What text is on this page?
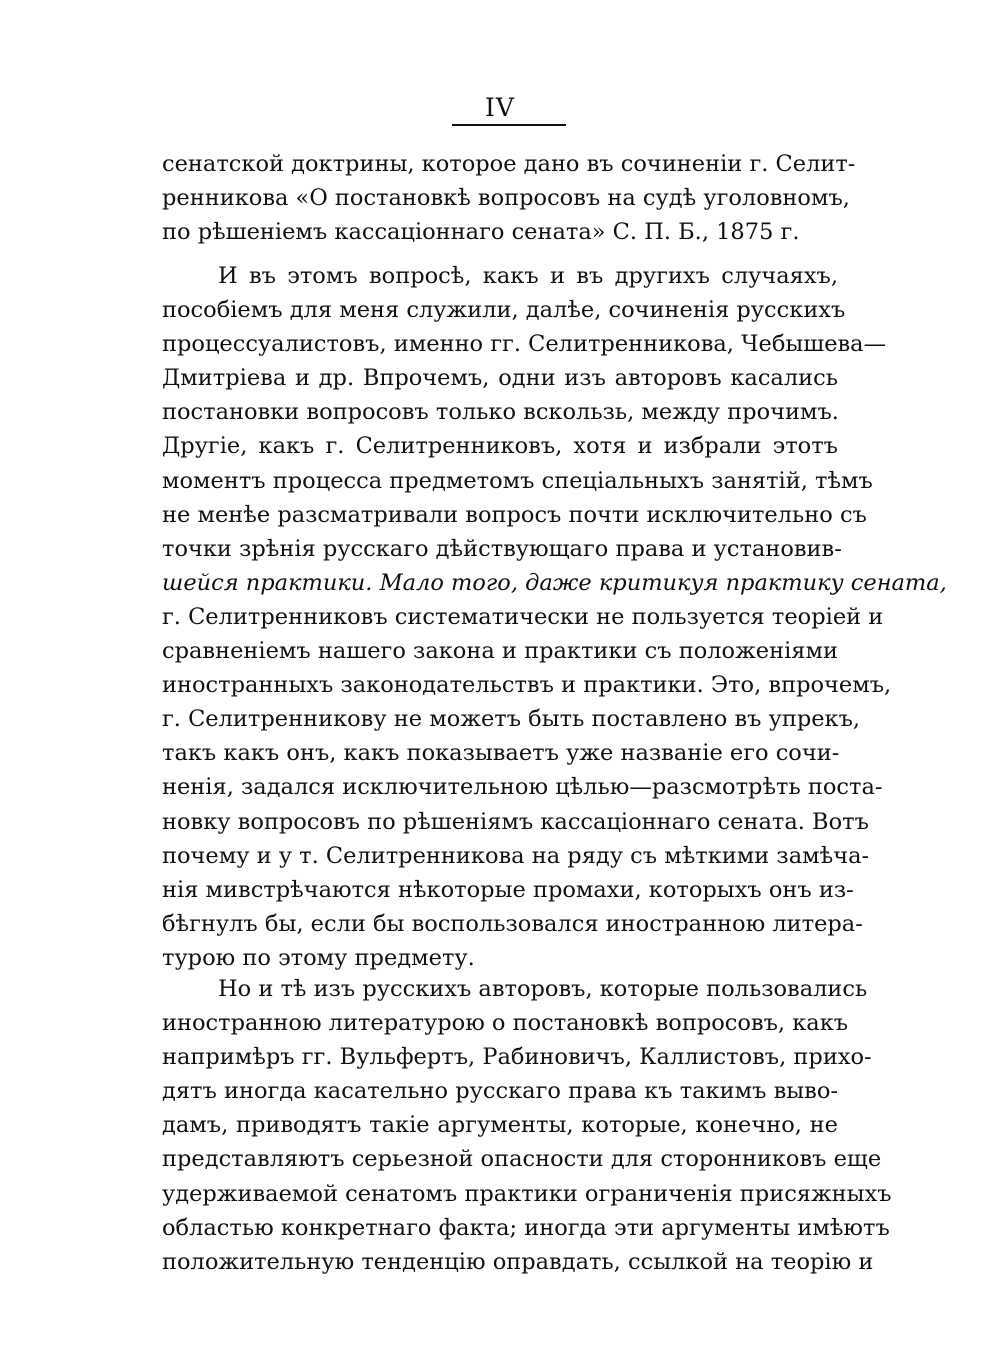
IV
сенатской доктрины, которое дано въ сочиненіи г. Селит-
ренникова «О постановкѣ вопросовъ на судѣ уголовномъ,
по рѣшеніемъ кассаціоннаго сената» С. П. Б., 1875 г.
И въ этомъ вопросѣ, какъ и въ другихъ случаяхъ,
пособіемъ для меня служили, далѣе, сочиненія русскихъ
процессуалистовъ, именно гг. Селитренникова, Чебышева—
Дмитріева и др. Впрочемъ, одни изъ авторовъ касались
постановки вопросовъ только вскользь, между прочимъ.
Другіе, какъ г. Селитренниковъ, хотя и избрали этотъ
моментъ процесса предметомъ спеціальныхъ занятій, тѣмъ
не менѣе разсматривали вопросъ почти исключительно съ
точки зрѣнія русскаго дѣйствующаго права и установив-
шейся практики. Мало того, даже критикуя практику сената,
г. Селитренниковъ систематически не пользуется теоріей и
сравненіемъ нашего закона и практики съ положеніями
иностранныхъ законодательствъ и практики. Это, впрочемъ,
г. Селитренникову не можетъ быть поставлено въ упрекъ,
такъ какъ онъ, какъ показываетъ уже названіе его сочи-
ненія, задался исключительною цѣлью—разсмотрѣть поста-
новку вопросовъ по рѣшеніямъ кассаціоннаго сената. Вотъ
почему и у т. Селитренникова на ряду съ мѣткими замѣча-
нія мивстрѣчаются нѣкоторые промахи, которыхъ онъ из-
бѣгнулъ бы, если бы воспользовался иностранною литера-
турою по этому предмету.
Но и тѣ изъ русскихъ авторовъ, которые пользовались
иностранною литературою о постановкѣ вопросовъ, какъ
напримѣръ гг. Вульфертъ, Рабиновичъ, Каллистовъ, прихо-
дятъ иногда касательно русскаго права къ такимъ выво-
дамъ, приводятъ такіе аргументы, которые, конечно, не
представляютъ серьезной опасности для сторонниковъ еще
удерживаемой сенатомъ практики ограниченія присяжныхъ
областью конкретнаго факта; иногда эти аргументы имѣютъ
положительную тенденцію оправдать, ссылкой на теорію и
